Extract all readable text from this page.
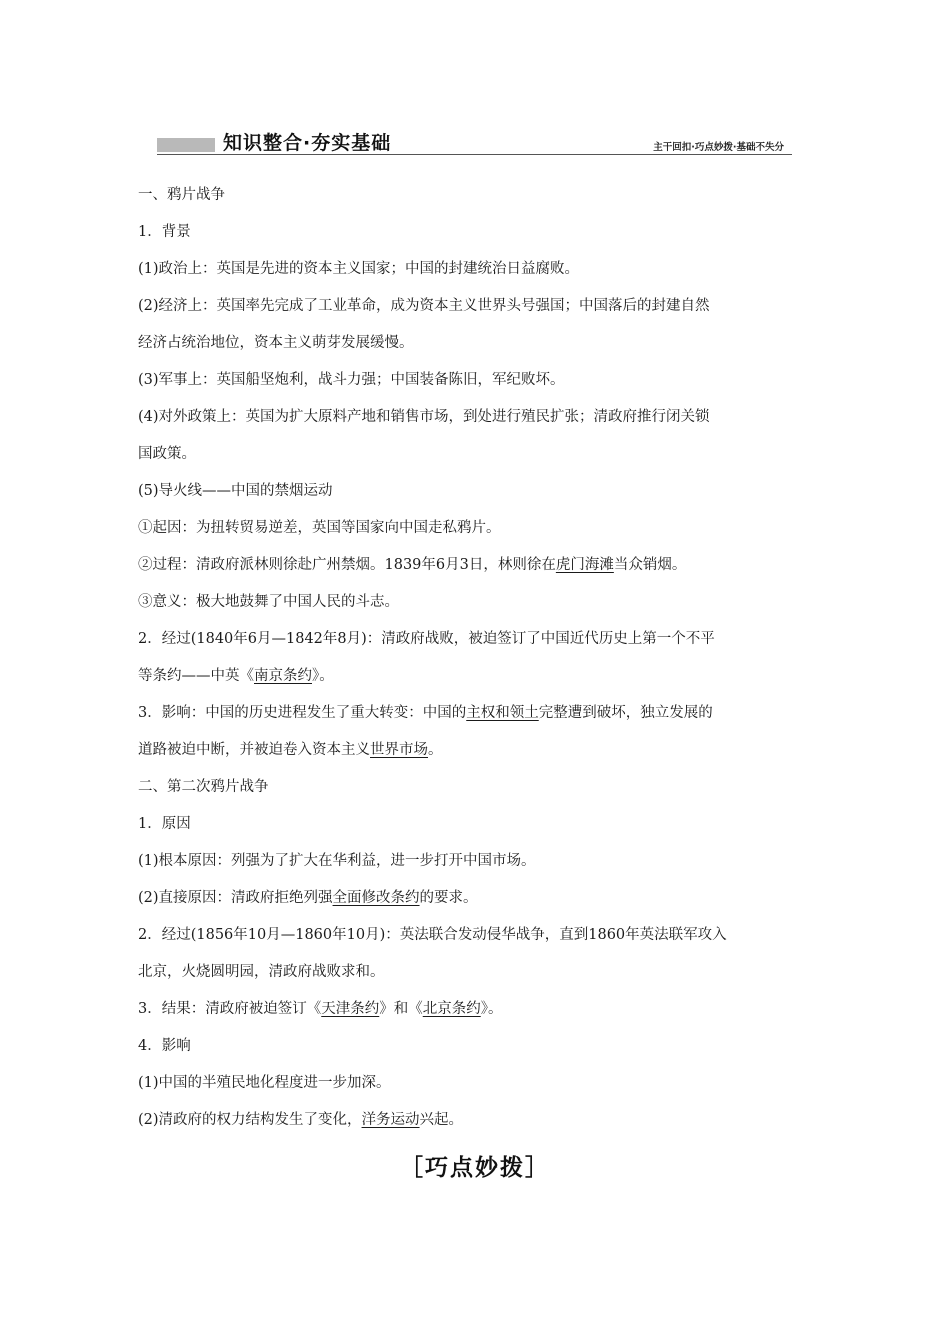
知识整合·夯实基础	主干回扣·巧点妙拨·基础不失分
一、鸦片战争
1．背景
(1)政治上：英国是先进的资本主义国家；中国的封建统治日益腐败。
(2)经济上：英国率先完成了工业革命，成为资本主义世界头号强国；中国落后的封建自然
经济占统治地位，资本主义萌芽发展缓慢。
(3)军事上：英国船坚炮利，战斗力强；中国装备陈旧，军纪败坏。
(4)对外政策上：英国为扩大原料产地和销售市场，到处进行殖民扩张；清政府推行闭关锁
国政策。
(5)导火线——中国的禁烟运动
①起因：为扭转贸易逆差，英国等国家向中国走私鸦片。
②过程：清政府派林则徐赴广州禁烟。1839年6月3日，林则徐在虎门海滩当众销烟。
③意义：极大地鼓舞了中国人民的斗志。
2．经过(1840年6月—1842年8月)：清政府战败，被迫签订了中国近代历史上第一个不平
等条约——中英《南京条约》。
3．影响：中国的历史进程发生了重大转变：中国的主权和领土完整遭到破坏，独立发展的
道路被迫中断，并被迫卷入资本主义世界市场。
二、第二次鸦片战争
1．原因
(1)根本原因：列强为了扩大在华利益，进一步打开中国市场。
(2)直接原因：清政府拒绝列强全面修改条约的要求。
2．经过(1856年10月—1860年10月)：英法联合发动侵华战争，直到1860年英法联军攻入
北京，火烧圆明园，清政府战败求和。
3．结果：清政府被迫签订《天津条约》和《北京条约》。
4．影响
(1)中国的半殖民地化程度进一步加深。
(2)清政府的权力结构发生了变化，洋务运动兴起。
［巧点妙拨］
